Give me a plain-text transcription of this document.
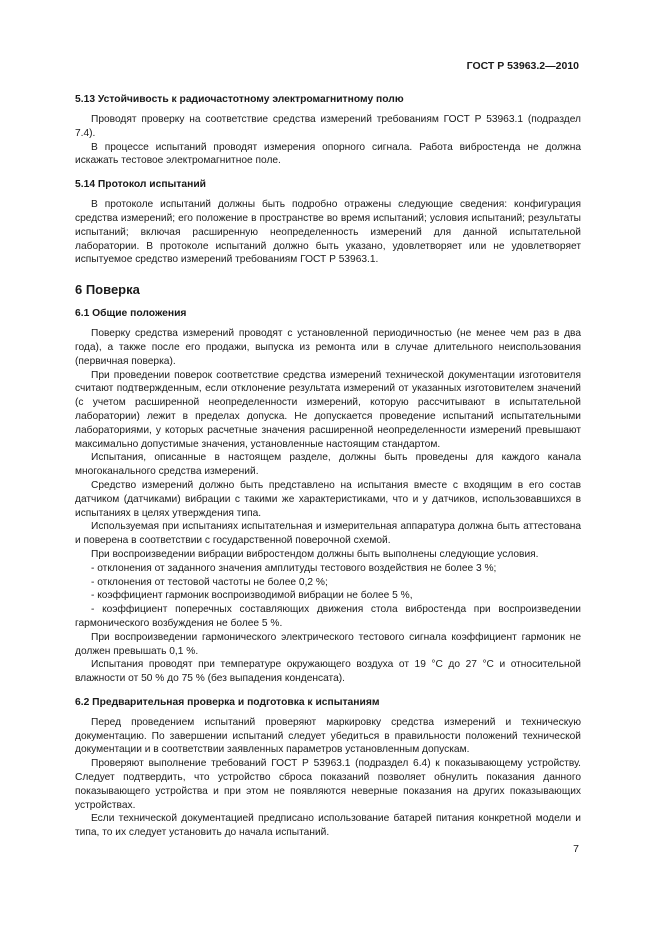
ГОСТ Р 53963.2—2010
5.13 Устойчивость к радиочастотному электромагнитному полю

Проводят проверку на соответствие средства измерений требованиям ГОСТ Р 53963.1 (подраздел 7.4).

В процессе испытаний проводят измерения опорного сигнала. Работа вибростенда не должна искажать тестовое электромагнитное поле.

5.14 Протокол испытаний

В протоколе испытаний должны быть подробно отражены следующие сведения: конфигурация средства измерений; его положение в пространстве во время испытаний; условия испытаний; результаты испытаний; включая расширенную неопределенность измерений для данной испытательной лаборатории. В протоколе испытаний должно быть указано, удовлетворяет или не удовлетворяет испытуемое средство измерений требованиям ГОСТ Р 53963.1.

6 Поверка
6.1 Общие положения

Поверку средства измерений проводят с установленной периодичностью (не менее чем раз в два года), а также после его продажи, выпуска из ремонта или в случае длительного неиспользования (первичная поверка).

При проведении поверок соответствие средства измерений технической документации изготовителя считают подтвержденным, если отклонение результата измерений от указанных изготовителем значений (с учетом расширенной неопределенности измерений, которую рассчитывают в испытательной лаборатории) лежит в пределах допуска. Не допускается проведение испытаний испытательными лабораториями, у которых расчетные значения расширенной неопределенности измерений превышают максимально допустимые значения, установленные настоящим стандартом.

Испытания, описанные в настоящем разделе, должны быть проведены для каждого канала многоканального средства измерений.

Средство измерений должно быть представлено на испытания вместе с входящим в его состав датчиком (датчиками) вибрации с такими же характеристиками, что и у датчиков, использовавшихся в испытаниях в целях утверждения типа.

Используемая при испытаниях испытательная и измерительная аппаратура должна быть аттестована и поверена в соответствии с государственной поверочной схемой.

При воспроизведении вибрации вибростендом должны быть выполнены следующие условия.

- отклонения от заданного значения амплитуды тестового воздействия не более 3 %;

- отклонения от тестовой частоты не более 0,2 %;

- коэффициент гармоник воспроизводимой вибрации не более 5 %,

- коэффициент поперечных составляющих движения стола вибростенда при воспроизведении гармонического возбуждения не более 5 %.

При воспроизведении гармонического электрического тестового сигнала коэффициент гармоник не должен превышать 0,1 %.

Испытания проводят при температуре окружающего воздуха от 19 °С до 27 °С и относительной влажности от 50 % до 75 % (без выпадения конденсата).

6.2 Предварительная проверка и подготовка к испытаниям

Перед проведением испытаний проверяют маркировку средства измерений и техническую документацию. По завершении испытаний следует убедиться в правильности положений технической документации и в соответствии заявленных параметров установленным допускам.

Проверяют выполнение требований ГОСТ Р 53963.1 (подраздел 6.4) к показывающему устройству. Следует подтвердить, что устройство сброса показаний позволяет обнулить показания данного показывающего устройства и при этом не появляются неверные показания на других показывающих устройствах.

Если технической документацией предписано использование батарей питания конкретной модели и типа, то их следует установить до начала испытаний.

7
